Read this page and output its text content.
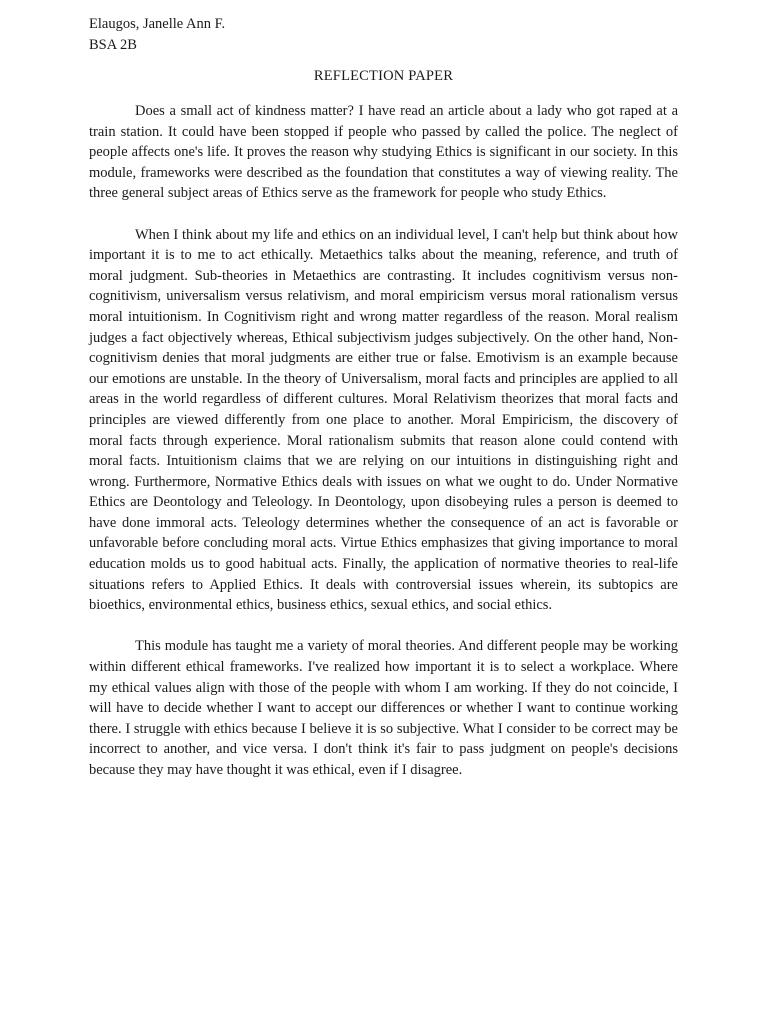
Elaugos, Janelle Ann F.

BSA 2B

REFLECTION PAPER

Does a small act of kindness matter? I have read an article about a lady who got raped at a train station. It could have been stopped if people who passed by called the police. The neglect of people affects one's life. It proves the reason why studying Ethics is significant in our society. In this module, frameworks were described as the foundation that constitutes a way of viewing reality. The three general subject areas of Ethics serve as the framework for people who study Ethics.

When I think about my life and ethics on an individual level, I can't help but think about how important it is to me to act ethically. Metaethics talks about the meaning, reference, and truth of moral judgment. Sub-theories in Metaethics are contrasting. It includes cognitivism versus non-cognitivism, universalism versus relativism, and moral empiricism versus moral rationalism versus moral intuitionism. In Cognitivism right and wrong matter regardless of the reason. Moral realism judges a fact objectively whereas, Ethical subjectivism judges subjectively. On the other hand, Non-cognitivism denies that moral judgments are either true or false. Emotivism is an example because our emotions are unstable. In the theory of Universalism, moral facts and principles are applied to all areas in the world regardless of different cultures. Moral Relativism theorizes that moral facts and principles are viewed differently from one place to another. Moral Empiricism, the discovery of moral facts through experience. Moral rationalism submits that reason alone could contend with moral facts. Intuitionism claims that we are relying on our intuitions in distinguishing right and wrong. Furthermore, Normative Ethics deals with issues on what we ought to do. Under Normative Ethics are Deontology and Teleology. In Deontology, upon disobeying rules a person is deemed to have done immoral acts. Teleology determines whether the consequence of an act is favorable or unfavorable before concluding moral acts. Virtue Ethics emphasizes that giving importance to moral education molds us to good habitual acts. Finally, the application of normative theories to real-life situations refers to Applied Ethics. It deals with controversial issues wherein, its subtopics are bioethics, environmental ethics, business ethics, sexual ethics, and social ethics.

This module has taught me a variety of moral theories. And different people may be working within different ethical frameworks. I've realized how important it is to select a workplace. Where my ethical values align with those of the people with whom I am working. If they do not coincide, I will have to decide whether I want to accept our differences or whether I want to continue working there. I struggle with ethics because I believe it is so subjective. What I consider to be correct may be incorrect to another, and vice versa. I don't think it's fair to pass judgment on people's decisions because they may have thought it was ethical, even if I disagree.
